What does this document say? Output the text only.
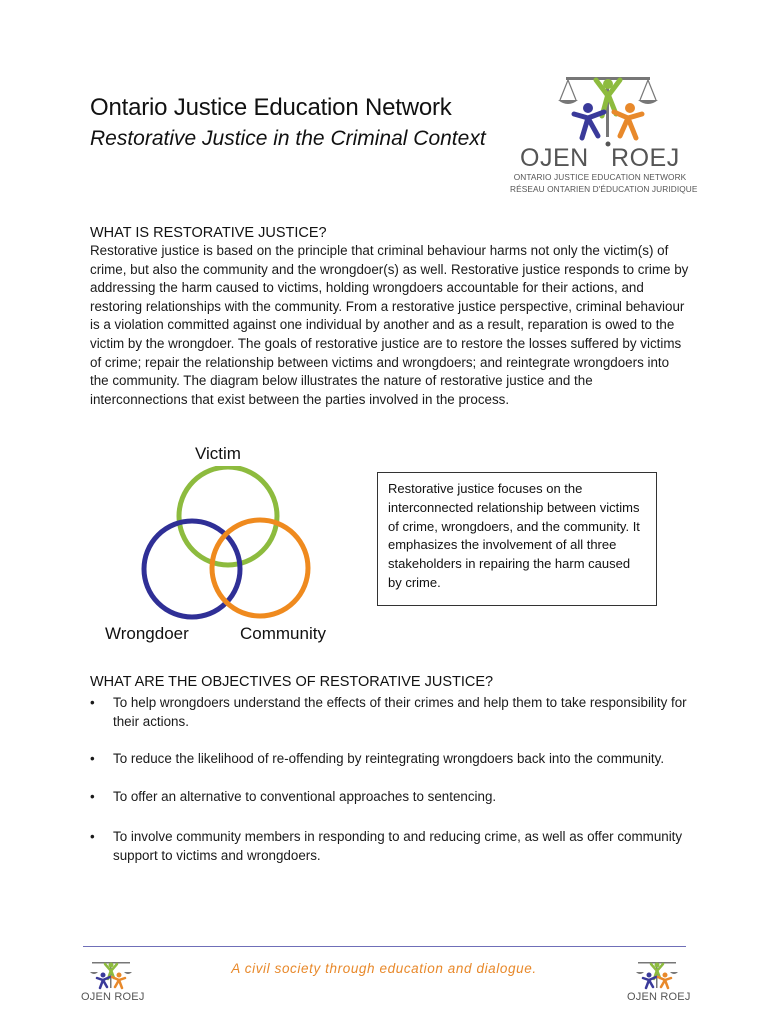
Ontario Justice Education Network
Restorative Justice in the Criminal Context
OJEN ROEJ
ONTARIO JUSTICE EDUCATION NETWORK
RÉSEAU ONTARIEN D'ÉDUCATION JURIDIQUE
WHAT IS RESTORATIVE JUSTICE?
Restorative justice is based on the principle that criminal behaviour harms not only the victim(s) of crime, but also the community and the wrongdoer(s) as well. Restorative justice responds to crime by addressing the harm caused to victims, holding wrongdoers accountable for their actions, and restoring relationships with the community. From a restorative justice perspective, criminal behaviour is a violation committed against one individual by another and as a result, reparation is owed to the victim by the wrongdoer. The goals of restorative justice are to restore the losses suffered by victims of crime; repair the relationship between victims and wrongdoers; and reintegrate wrongdoers into the community. The diagram below illustrates the nature of restorative justice and the interconnections that exist between the parties involved in the process.
Victim
Wrongdoer	Community
Restorative justice focuses on the interconnected relationship between victims of crime, wrongdoers, and the community. It emphasizes the involvement of all three stakeholders in repairing the harm caused by crime.
WHAT ARE THE OBJECTIVES OF RESTORATIVE JUSTICE?
• To help wrongdoers understand the effects of their crimes and help them to take responsibility for their actions.
• To reduce the likelihood of re-offending by reintegrating wrongdoers back into the community.
• To offer an alternative to conventional approaches to sentencing.
• To involve community members in responding to and reducing crime, as well as offer community support to victims and wrongdoers.
A civil society through education and dialogue.
OJEN ROEJ	OJEN ROEJ
